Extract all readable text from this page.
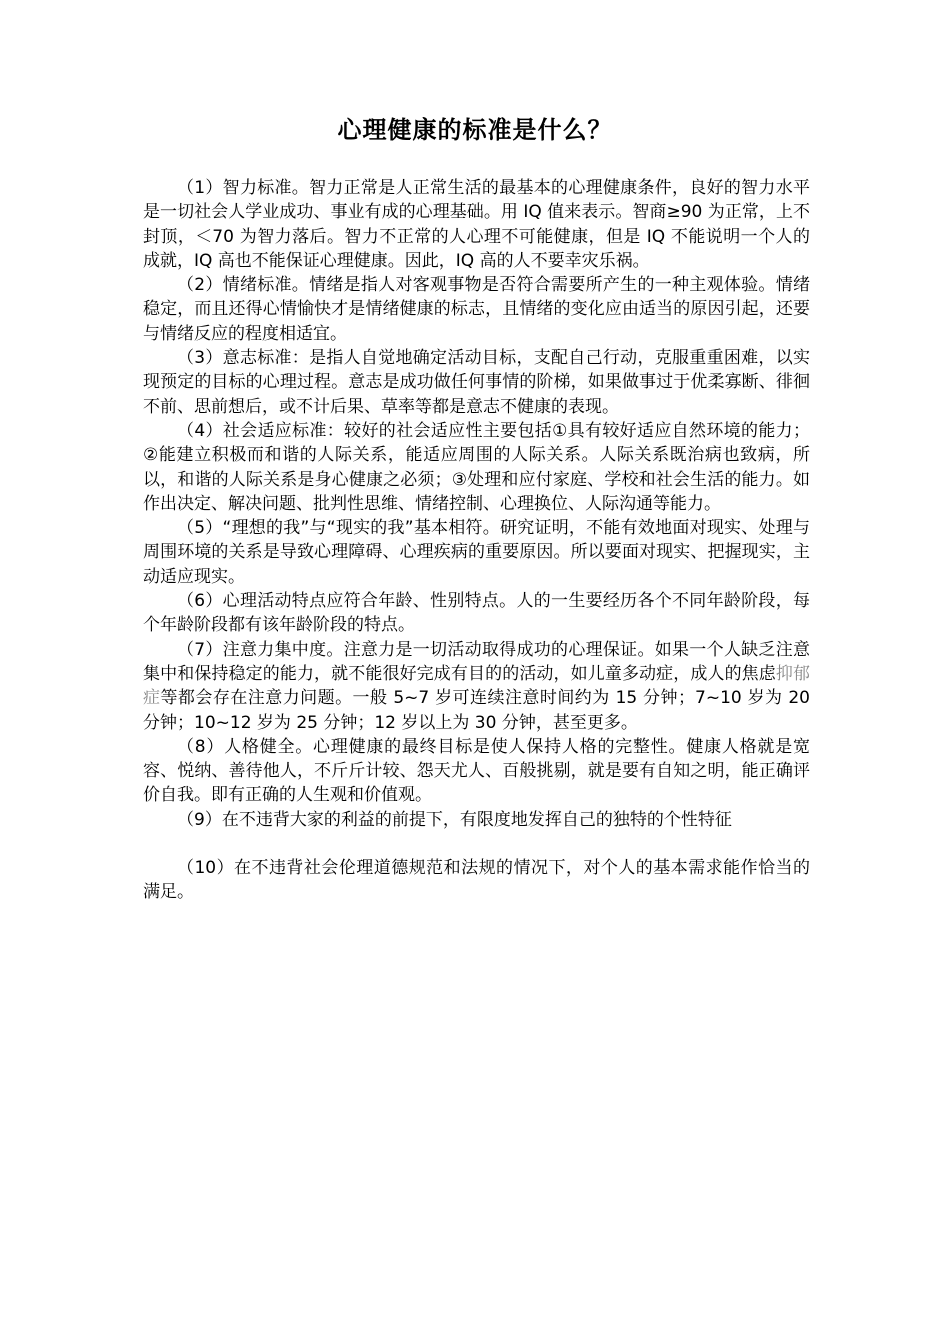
心理健康的标准是什么？

（1）智力标准。智力正常是人正常生活的最基本的心理健康条件，良好的智力水平是一切社会人学业成功、事业有成的心理基础。用 IQ 值来表示。智商≥90 为正常，上不封顶，＜70 为智力落后。智力不正常的人心理不可能健康，但是 IQ 不能说明一个人的成就，IQ 高也不能保证心理健康。因此，IQ 高的人不要幸灾乐祸。

（2）情绪标准。情绪是指人对客观事物是否符合需要所产生的一种主观体验。情绪稳定，而且还得心情愉快才是情绪健康的标志，且情绪的变化应由适当的原因引起，还要与情绪反应的程度相适宜。

（3）意志标准：是指人自觉地确定活动目标，支配自己行动，克服重重困难，以实现预定的目标的心理过程。意志是成功做任何事情的阶梯，如果做事过于优柔寡断、徘徊不前、思前想后，或不计后果、草率等都是意志不健康的表现。

（4）社会适应标准：较好的社会适应性主要包括①具有较好适应自然环境的能力；②能建立积极而和谐的人际关系，能适应周围的人际关系。人际关系既治病也致病，所以，和谐的人际关系是身心健康之必须；③处理和应付家庭、学校和社会生活的能力。如作出决定、解决问题、批判性思维、情绪控制、心理换位、人际沟通等能力。

（5）“理想的我”与“现实的我”基本相符。研究证明，不能有效地面对现实、处理与周围环境的关系是导致心理障碍、心理疾病的重要原因。所以要面对现实、把握现实，主动适应现实。

（6）心理活动特点应符合年龄、性别特点。人的一生要经历各个不同年龄阶段，每个年龄阶段都有该年龄阶段的特点。

（7）注意力集中度。注意力是一切活动取得成功的心理保证。如果一个人缺乏注意集中和保持稳定的能力，就不能很好完成有目的的活动，如儿童多动症，成人的焦虑抑郁症等都会存在注意力问题。一般 5~7 岁可连续注意时间约为 15 分钟；7~10 岁为 20 分钟；10~12 岁为 25 分钟；12 岁以上为 30 分钟，甚至更多。

（8）人格健全。心理健康的最终目标是使人保持人格的完整性。健康人格就是宽容、悦纳、善待他人，不斤斤计较、怨天尤人、百般挑剔，就是要有自知之明，能正确评价自我。即有正确的人生观和价值观。

（9）在不违背大家的利益的前提下，有限度地发挥自己的独特的个性特征

（10）在不违背社会伦理道德规范和法规的情况下，对个人的基本需求能作恰当的满足。
